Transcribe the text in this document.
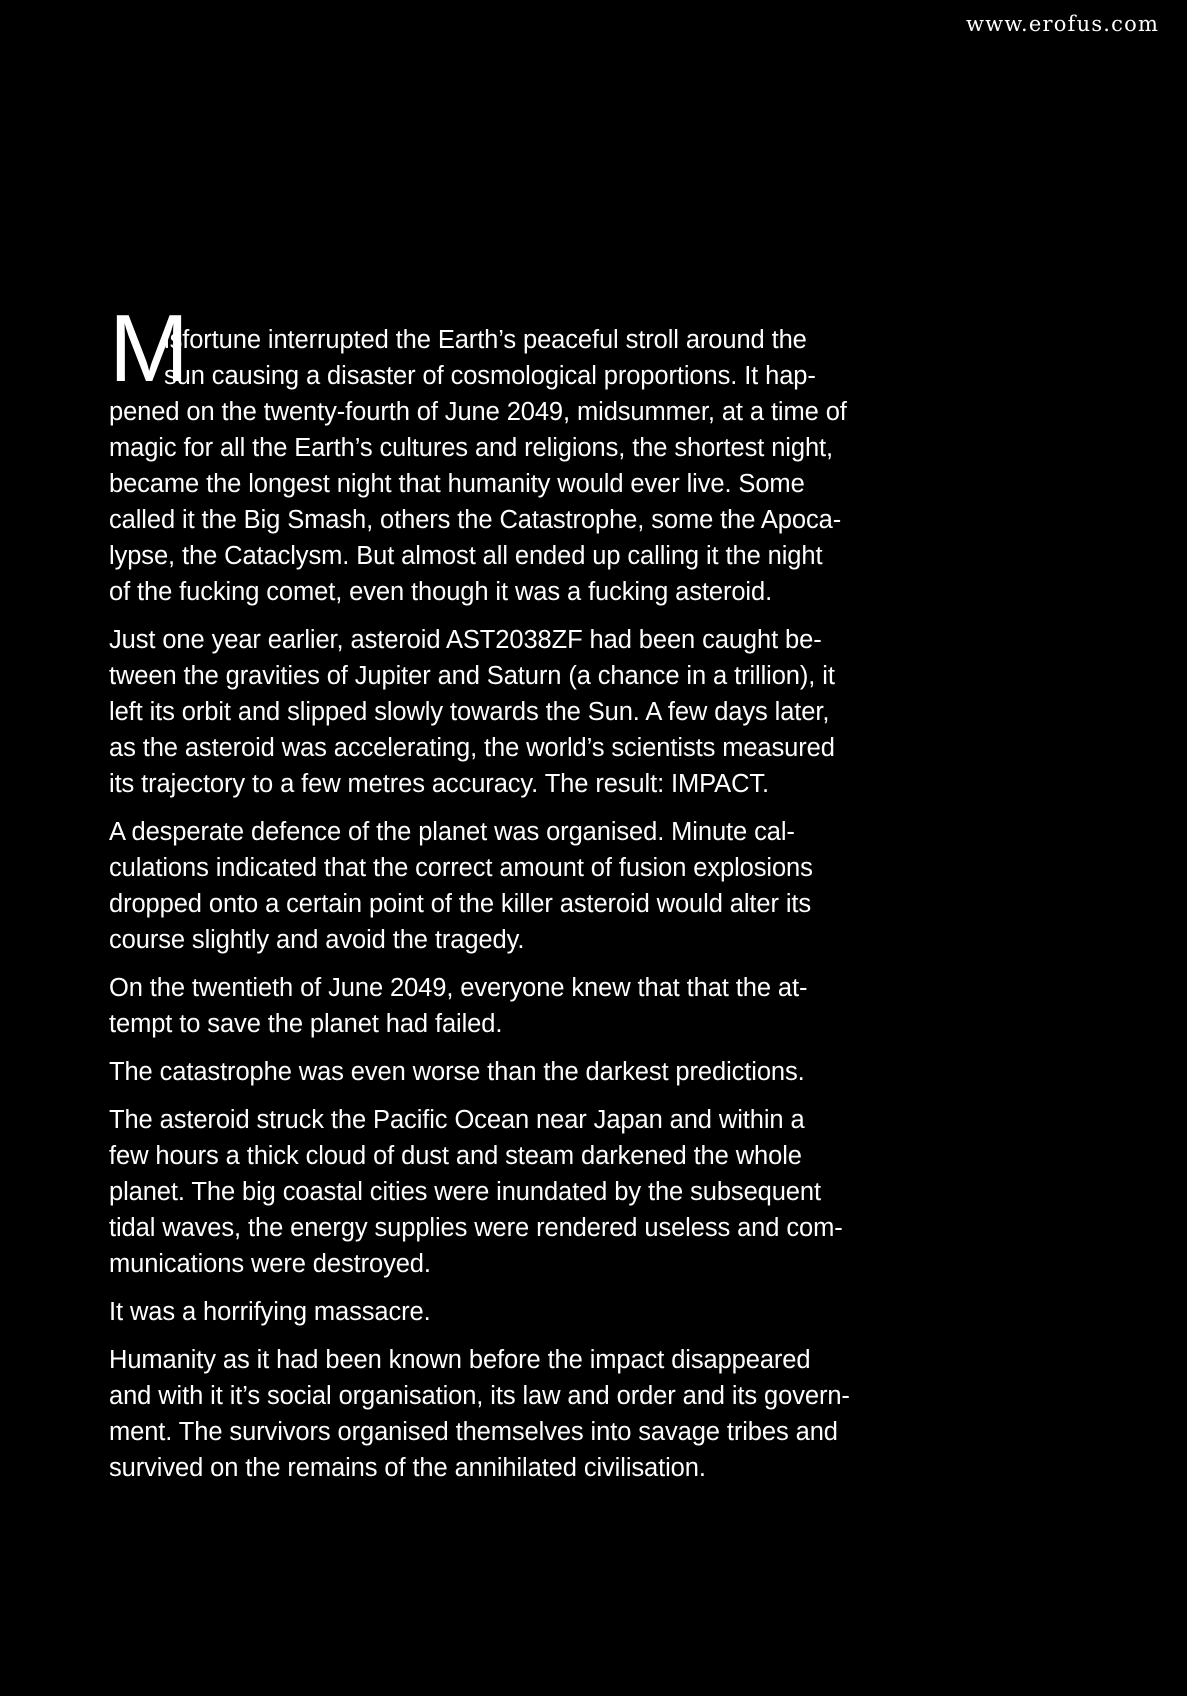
www.erofus.com
M
isfortune interrupted the Earth’s peaceful stroll around the
sun causing a disaster of cosmological proportions. It hap-
pened on the twenty-fourth of June 2049, midsummer, at a time of
magic for all the Earth’s cultures and religions, the shortest night,
became the longest night that humanity would ever live. Some
called it the Big Smash, others the Catastrophe, some the Apoca-
lypse, the Cataclysm. But almost all ended up calling it the night
of the fucking comet, even though it was a fucking asteroid.
Just one year earlier, asteroid AST2038ZF had been caught be-
tween the gravities of Jupiter and Saturn (a chance in a trillion), it
left its orbit and slipped slowly towards the Sun. A few days later,
as the asteroid was accelerating, the world’s scientists measured
its trajectory to a few metres accuracy. The result: IMPACT.
A desperate defence of the planet was organised. Minute cal-
culations indicated that the correct amount of fusion explosions
dropped onto a certain point of the killer asteroid would alter its
course slightly and avoid the tragedy.
On the twentieth of June 2049, everyone knew that that the at-
tempt to save the planet had failed.
The catastrophe was even worse than the darkest predictions.
The asteroid struck the Pacific Ocean near Japan and within a
few hours a thick cloud of dust and steam darkened the whole
planet. The big coastal cities were inundated by the subsequent
tidal waves, the energy supplies were rendered useless and com-
munications were destroyed.
It was a horrifying massacre.
Humanity as it had been known before the impact disappeared
and with it it’s social organisation, its law and order and its govern-
ment. The survivors organised themselves into savage tribes and
survived on the remains of the annihilated civilisation.
